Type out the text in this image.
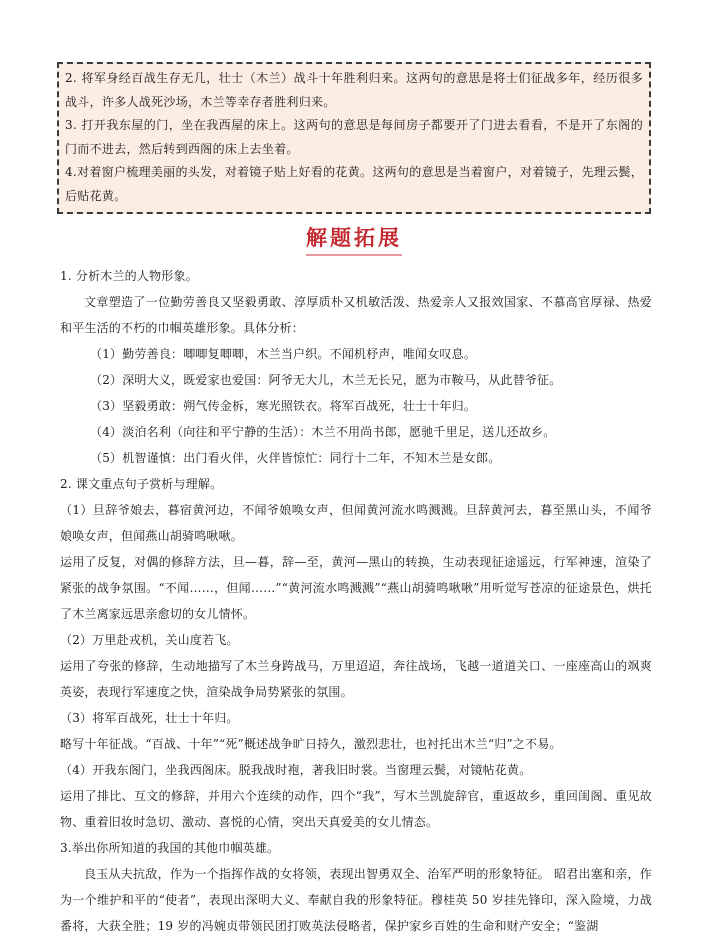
2. 将军身经百战生存无几，壮士（木兰）战斗十年胜利归来。这两句的意思是将士们征战多年，经历很多战斗，许多人战死沙场，木兰等幸存者胜利归来。

3. 打开我东屋的门，坐在我西屋的床上。这两句的意思是每间房子都要开了门进去看看，不是开了东阁的门而不进去，然后转到西阁的床上去坐着。

4.对着窗户梳理美丽的头发，对着镜子贴上好看的花黄。这两句的意思是当着窗户，对着镜子，先理云鬓，后贴花黄。

解题拓展

1. 分析木兰的人物形象。

文章塑造了一位勤劳善良又坚毅勇敢、淳厚质朴又机敏活泼、热爱亲人又报效国家、不慕高官厚禄、热爱和平生活的不朽的巾帼英雄形象。具体分析：

（1）勤劳善良：唧唧复唧唧，木兰当户织。不闻机杼声，唯闻女叹息。

（2）深明大义，既爱家也爱国：阿爷无大儿，木兰无长兄，愿为市鞍马，从此替爷征。

（3）坚毅勇敢：朔气传金柝，寒光照铁衣。将军百战死，壮士十年归。

（4）淡泊名利（向往和平宁静的生活）：木兰不用尚书郎，愿驰千里足，送儿还故乡。

（5）机智谨慎：出门看火伴，火伴皆惊忙：同行十二年，不知木兰是女郎。

2. 课文重点句子赏析与理解。

（1）旦辞爷娘去，暮宿黄河边，不闻爷娘唤女声，但闻黄河流水鸣溅溅。旦辞黄河去，暮至黑山头，不闻爷娘唤女声，但闻燕山胡骑鸣啾啾。

运用了反复，对偶的修辞方法，旦—暮，辞—至，黄河—黑山的转换，生动表现征途遥远，行军神速，渲染了紧张的战争氛围。“不闻……，但闻……”“黄河流水鸣溅溅”“燕山胡骑鸣啾啾”用听觉写苍凉的征途景色，烘托了木兰离家远思亲愈切的女儿情怀。

（2）万里赴戎机，关山度若飞。

运用了夸张的修辞，生动地描写了木兰身跨战马，万里迢迢，奔往战场，飞越一道道关口、一座座高山的飒爽英姿，表现行军速度之快，渲染战争局势紧张的氛围。

（3）将军百战死，壮士十年归。

略写十年征战。“百战、十年”“死”概述战争旷日持久，激烈悲壮，也衬托出木兰“归”之不易。

（4）开我东阁门，坐我西阁床。脱我战时袍，著我旧时裳。当窗理云鬓，对镜帖花黄。

运用了排比、互文的修辞，并用六个连续的动作，四个“我”，写木兰凯旋辞官，重返故乡，重回闺阁、重见故物、重着旧妆时急切、激动、喜悦的心情，突出天真爱美的女儿情态。

3.举出你所知道的我国的其他巾帼英雄。

良玉从夫抗敌，作为一个指挥作战的女将领，表现出智勇双全、治军严明的形象特征。 昭君出塞和亲，作为一个维护和平的“使者”，表现出深明大义、奉献自我的形象特征。穆桂英 50 岁挂先锋印，深入险境，力战番将，大获全胜；19 岁的冯婉贞带领民团打败英法侵略者，保护家乡百姓的生命和财产安全；“鉴湖
